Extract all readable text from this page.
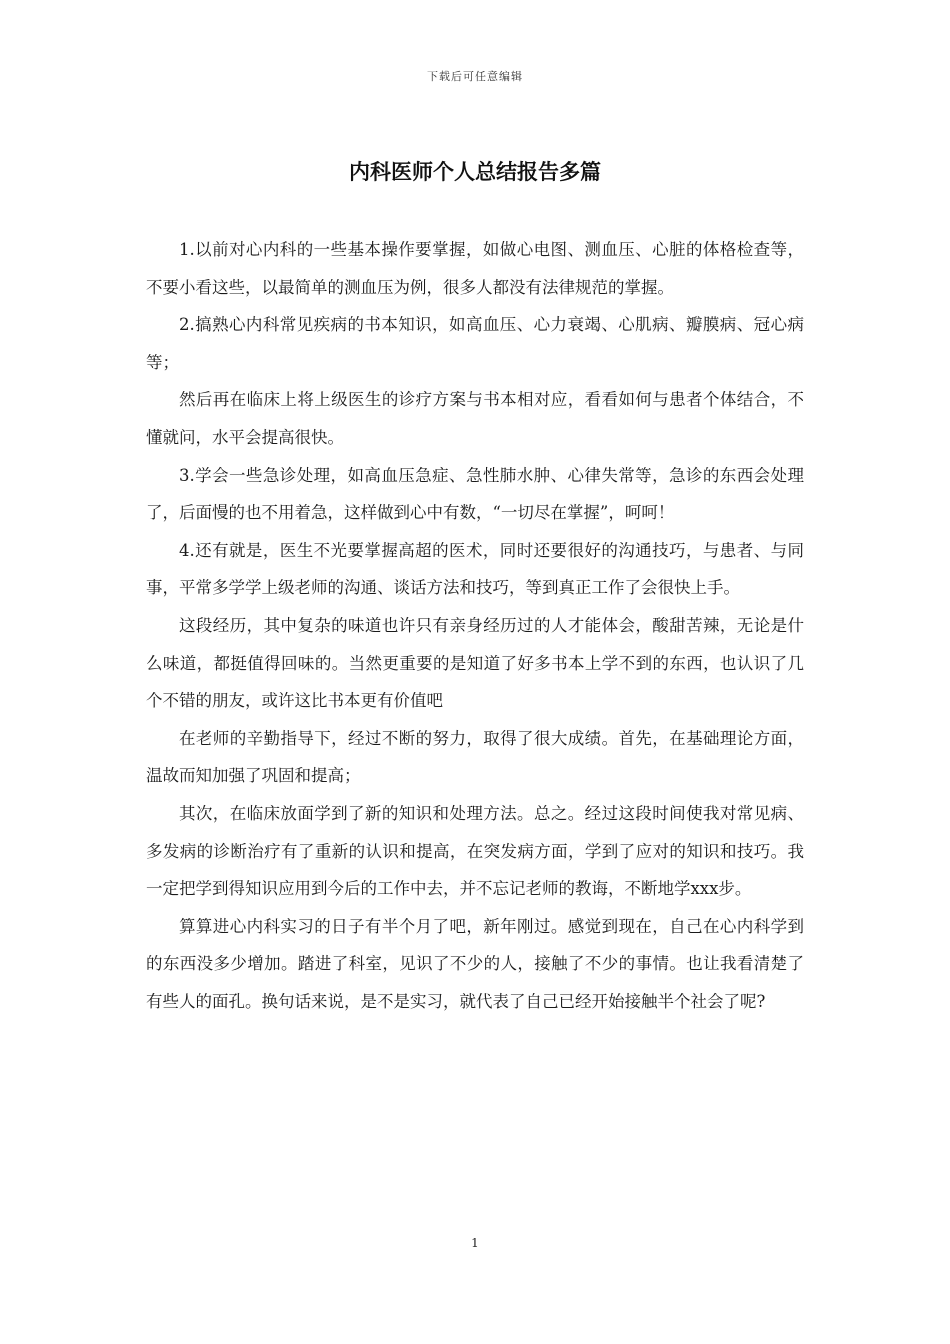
下载后可任意编辑
内科医师个人总结报告多篇

1.以前对心内科的一些基本操作要掌握，如做心电图、测血压、心脏的体格检查等，不要小看这些，以最简单的测血压为例，很多人都没有法律规范的掌握。

2.搞熟心内科常见疾病的书本知识，如高血压、心力衰竭、心肌病、瓣膜病、冠心病等；

然后再在临床上将上级医生的诊疗方案与书本相对应，看看如何与患者个体结合，不懂就问，水平会提高很快。

3.学会一些急诊处理，如高血压急症、急性肺水肿、心律失常等，急诊的东西会处理了，后面慢的也不用着急，这样做到心中有数，“一切尽在掌握”，呵呵！

4.还有就是，医生不光要掌握高超的医术，同时还要很好的沟通技巧，与患者、与同事，平常多学学上级老师的沟通、谈话方法和技巧，等到真正工作了会很快上手。

这段经历，其中复杂的味道也许只有亲身经历过的人才能体会，酸甜苦辣，无论是什么味道，都挺值得回味的。当然更重要的是知道了好多书本上学不到的东西，也认识了几个不错的朋友，或许这比书本更有价值吧

在老师的辛勤指导下，经过不断的努力，取得了很大成绩。首先，在基础理论方面，温故而知加强了巩固和提高；

其次，在临床放面学到了新的知识和处理方法。总之。经过这段时间使我对常见病、多发病的诊断治疗有了重新的认识和提高，在突发病方面，学到了应对的知识和技巧。我一定把学到得知识应用到今后的工作中去，并不忘记老师的教诲，不断地学xxx步。

算算进心内科实习的日子有半个月了吧，新年刚过。感觉到现在，自己在心内科学到的东西没多少增加。踏进了科室，见识了不少的人，接触了不少的事情。也让我看清楚了有些人的面孔。换句话来说，是不是实习，就代表了自己已经开始接触半个社会了呢?

1
